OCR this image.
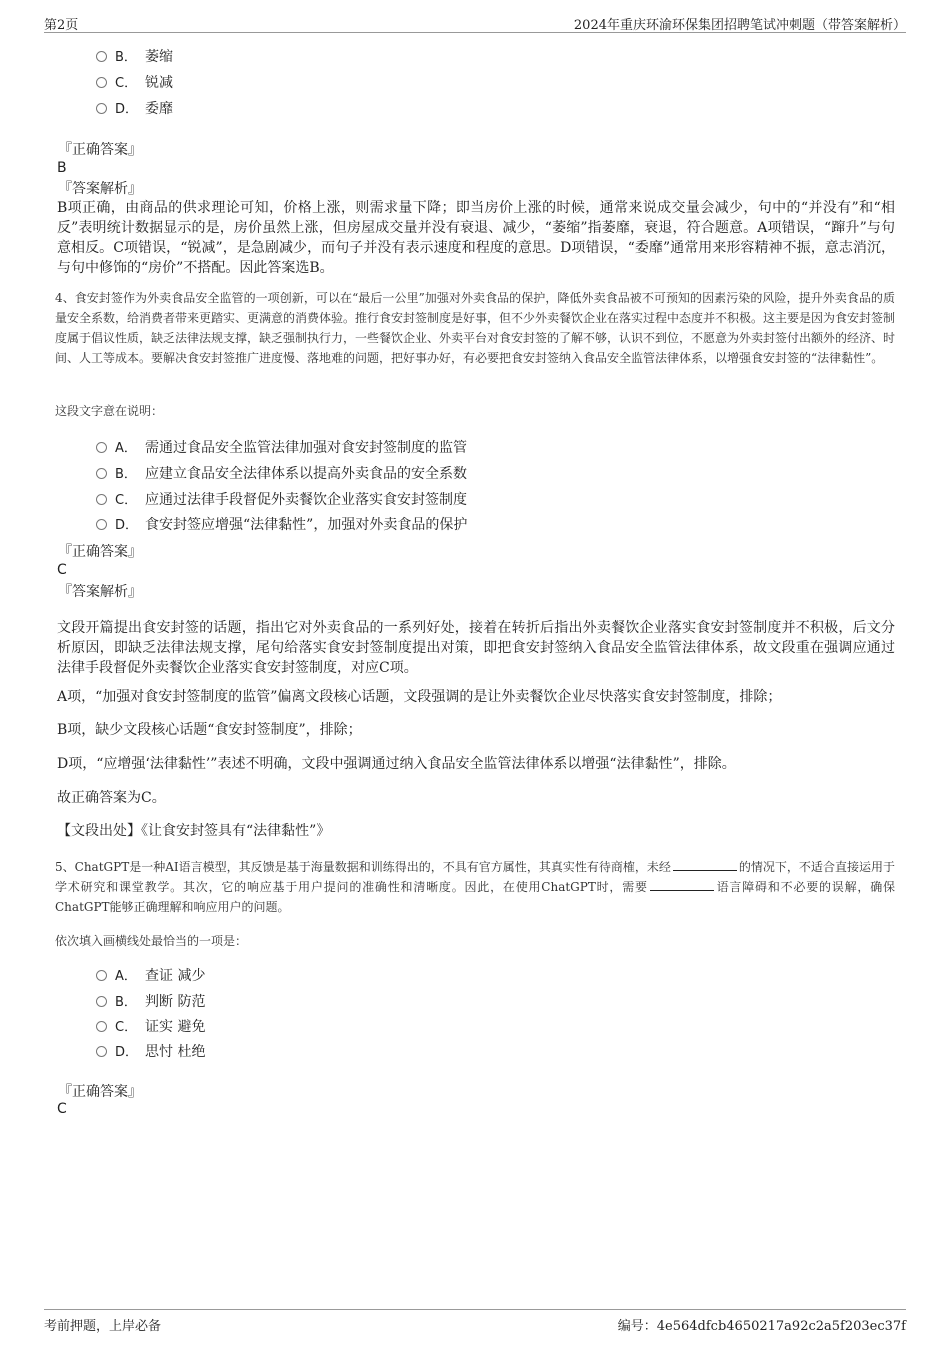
第2页	2024年重庆环渝环保集团招聘笔试冲刺题（带答案解析）
B． 萎缩
C． 锐减
D． 委靡
『正确答案』
B
『答案解析』
B项正确，由商品的供求理论可知，价格上涨，则需求量下降；即当房价上涨的时候，通常来说成交量会减少，句中的“并没有”和“相反”表明统计数据显示的是，房价虽然上涨，但房屋成交量并没有衰退、减少，“萎缩”指萎靡，衰退，符合题意。A项错误，“蹿升”与句意相反。C项错误，“锐减”，是急剧减少，而句子并没有表示速度和程度的意思。D项错误，“委靡”通常用来形容精神不振，意志消沉，与句中修饰的“房价”不搭配。因此答案选B。
4、食安封签作为外卖食品安全监管的一项创新，可以在“最后一公里”加强对外卖食品的保护，降低外卖食品被不可预知的因素污染的风险，提升外卖食品的质量安全系数，给消费者带来更踏实、更满意的消费体验。推行食安封签制度是好事，但不少外卖餐饮企业在落实过程中态度并不积极。这主要是因为食安封签制度属于倡议性质，缺乏法律法规支撑，缺乏强制执行力，一些餐饮企业、外卖平台对食安封签的了解不够，认识不到位，不愿意为外卖封签付出额外的经济、时间、人工等成本。要解决食安封签推广进度慢、落地难的问题，把好事办好，有必要把食安封签纳入食品安全监管法律体系，以增强食安封签的“法律黏性”。
这段文字意在说明：
A． 需通过食品安全监管法律加强对食安封签制度的监管
B． 应建立食品安全法律体系以提高外卖食品的安全系数
C． 应通过法律手段督促外卖餐饮企业落实食安封签制度
D． 食安封签应增强“法律黏性”，加强对外卖食品的保护
『正确答案』
C
『答案解析』
文段开篇提出食安封签的话题，指出它对外卖食品的一系列好处，接着在转折后指出外卖餐饮企业落实食安封签制度并不积极，后文分析原因，即缺乏法律法规支撑，尾句给落实食安封签制度提出对策，即把食安封签纳入食品安全监管法律体系，故文段重在强调应通过法律手段督促外卖餐饮企业落实食安封签制度，对应C项。
A项，“加强对食安封签制度的监管”偏离文段核心话题，文段强调的是让外卖餐饮企业尽快落实食安封签制度，排除；
B项，缺少文段核心话题“食安封签制度”，排除；
D项，“应增强‘法律黏性’”表述不明确，文段中强调通过纳入食品安全监管法律体系以增强“法律黏性”，排除。
故正确答案为C。
【文段出处】《让食安封签具有“法律黏性”》
5、ChatGPT是一种AI语言模型，其反馈是基于海量数据和训练得出的，不具有官方属性，其真实性有待商榷，未经	的情况下，不适合直接运用于学术研究和课堂教学。其次，它的响应基于用户提问的准确性和清晰度。因此，在使用ChatGPT时，需要	语言障碍和不必要的误解，确保ChatGPT能够正确理解和响应用户的问题。
依次填入画横线处最恰当的一项是：
A． 查证 减少
B． 判断 防范
C． 证实 避免
D． 思忖 杜绝
『正确答案』
C
考前押题，上岸必备	编号：4e564dfcb4650217a92c2a5f203ec37f
